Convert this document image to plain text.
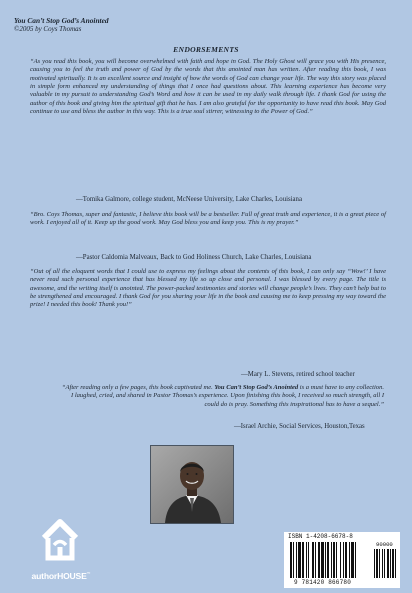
You Can’t Stop God’s Anointed
©2005 by Coys Thomas
ENDORSEMENTS

“As you read this book, you will become overwhelmed with faith and hope in God. The Holy Ghost will grace you with His presence, causing you to feel the truth and power of God by the words that this anointed man has written. After reading this book, I was motivated spiritually. It is an excellent source and insight of how the words of God can change your life. The way this story was placed in simple form enhanced my understanding of things that I once had questions about. This learning experience has become very valuable in my pursuit to understanding God’s Word and how it can be used in my daily walk through life. I thank God for using the author of this book and giving him the spiritual gift that he has. I am also grateful for the opportunity to have read this book. May God continue to use and bless the author in this way. This is a true soul stirrer, witnessing to the Power of God.”

—Tomika Galmore, college student, McNeese University, Lake Charles, Louisiana

“Bro. Coys Thomas, super and fantastic, I believe this book will be a bestseller. Full of great truth and experience, it is a great piece of work. I enjoyed all of it. Keep up the good work. May God bless you and keep you. This is my prayer.”

—Pastor Caldomia Malveaux, Back to God Holiness Church, Lake Charles, Louisiana

“Out of all the eloquent words that I could use to express my feelings about the contents of this book, I can only say “Wow!’ I have never read such personal experience that has blessed my life so up close and personal. I was blessed by every page. The title is awesome, and the writing itself is anointed. The power-packed testimonies and stories will change people’s lives. They can’t help but to be strengthened and encouraged. I thank God for you sharing your life in the book and causing me to keep pressing my way toward the prize! I needed this book! Thank you!”

—Mary L. Stevens, retired school teacher

“After reading only a few pages, this book captivated me. You Can’t Stop God’s Anointed is a must have to any collection. I laughed, cried, and shared in Pastor Thomas’s experience. Upon finishing this book, I received so much strength, all I could do is pray. Something this inspirational has to have a sequel.”

—Israel Archie, Social Services, Houston,Texas
authorHOUSE™
ISBN 1-4208-6678-8
90000
9 781420 866780
